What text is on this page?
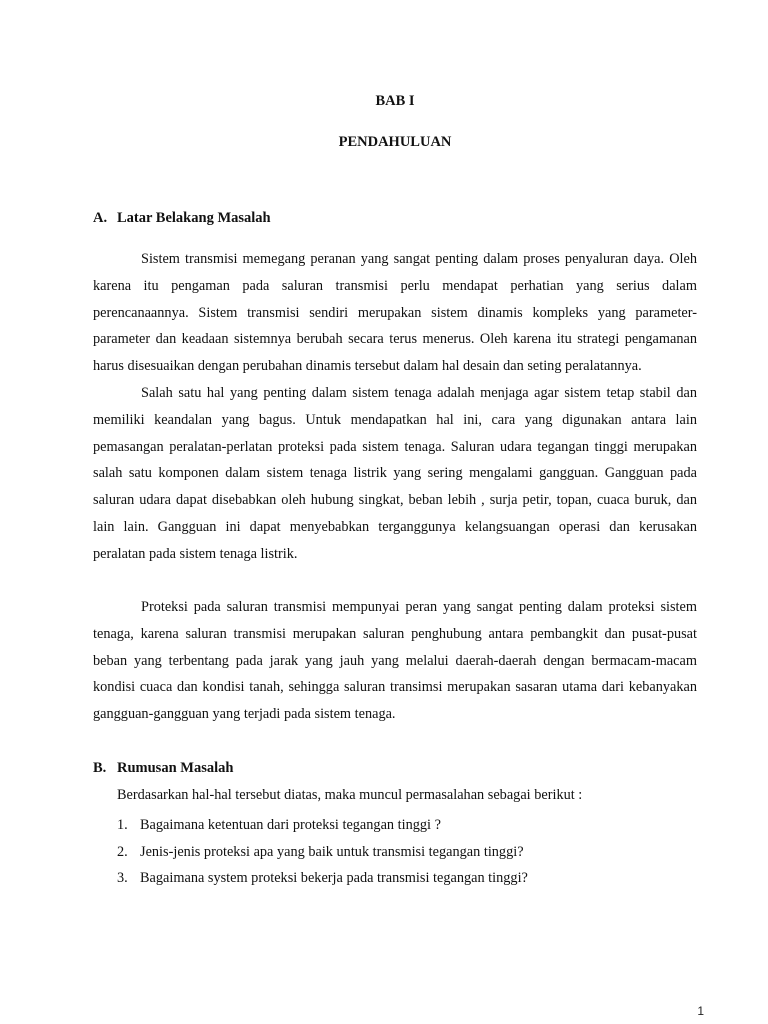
BAB I
PENDAHULUAN
A. Latar Belakang Masalah

Sistem transmisi memegang peranan yang sangat penting dalam proses penyaluran daya. Oleh karena itu pengaman pada saluran transmisi perlu mendapat perhatian yang serius dalam perencanaannya. Sistem transmisi sendiri merupakan sistem dinamis kompleks yang parameter-parameter dan keadaan sistemnya berubah secara terus menerus. Oleh karena itu strategi pengamanan harus disesuaikan dengan perubahan dinamis tersebut dalam hal desain dan seting peralatannya.

Salah satu hal yang penting dalam sistem tenaga adalah menjaga agar sistem tetap stabil dan memiliki keandalan yang bagus. Untuk mendapatkan hal ini, cara yang digunakan antara lain pemasangan peralatan-perlatan proteksi pada sistem tenaga. Saluran udara tegangan tinggi merupakan salah satu komponen dalam sistem tenaga listrik yang sering mengalami gangguan. Gangguan pada saluran udara dapat disebabkan oleh hubung singkat, beban lebih , surja petir, topan, cuaca buruk, dan lain lain. Gangguan ini dapat menyebabkan terganggunya kelangsuangan operasi dan kerusakan peralatan pada sistem tenaga listrik.

Proteksi pada saluran transmisi mempunyai peran yang sangat penting dalam proteksi sistem tenaga, karena saluran transmisi merupakan saluran penghubung antara pembangkit dan pusat-pusat beban yang terbentang pada jarak yang jauh yang melalui daerah-daerah dengan bermacam-macam kondisi cuaca dan kondisi tanah, sehingga saluran transimsi merupakan sasaran utama dari kebanyakan gangguan-gangguan yang terjadi pada sistem tenaga.

B. Rumusan Masalah
Berdasarkan hal-hal tersebut diatas, maka muncul permasalahan sebagai berikut :
1. Bagaimana ketentuan dari proteksi tegangan tinggi ?
2. Jenis-jenis proteksi apa yang baik untuk transmisi tegangan tinggi?
3. Bagaimana system proteksi bekerja pada transmisi tegangan tinggi?
1
